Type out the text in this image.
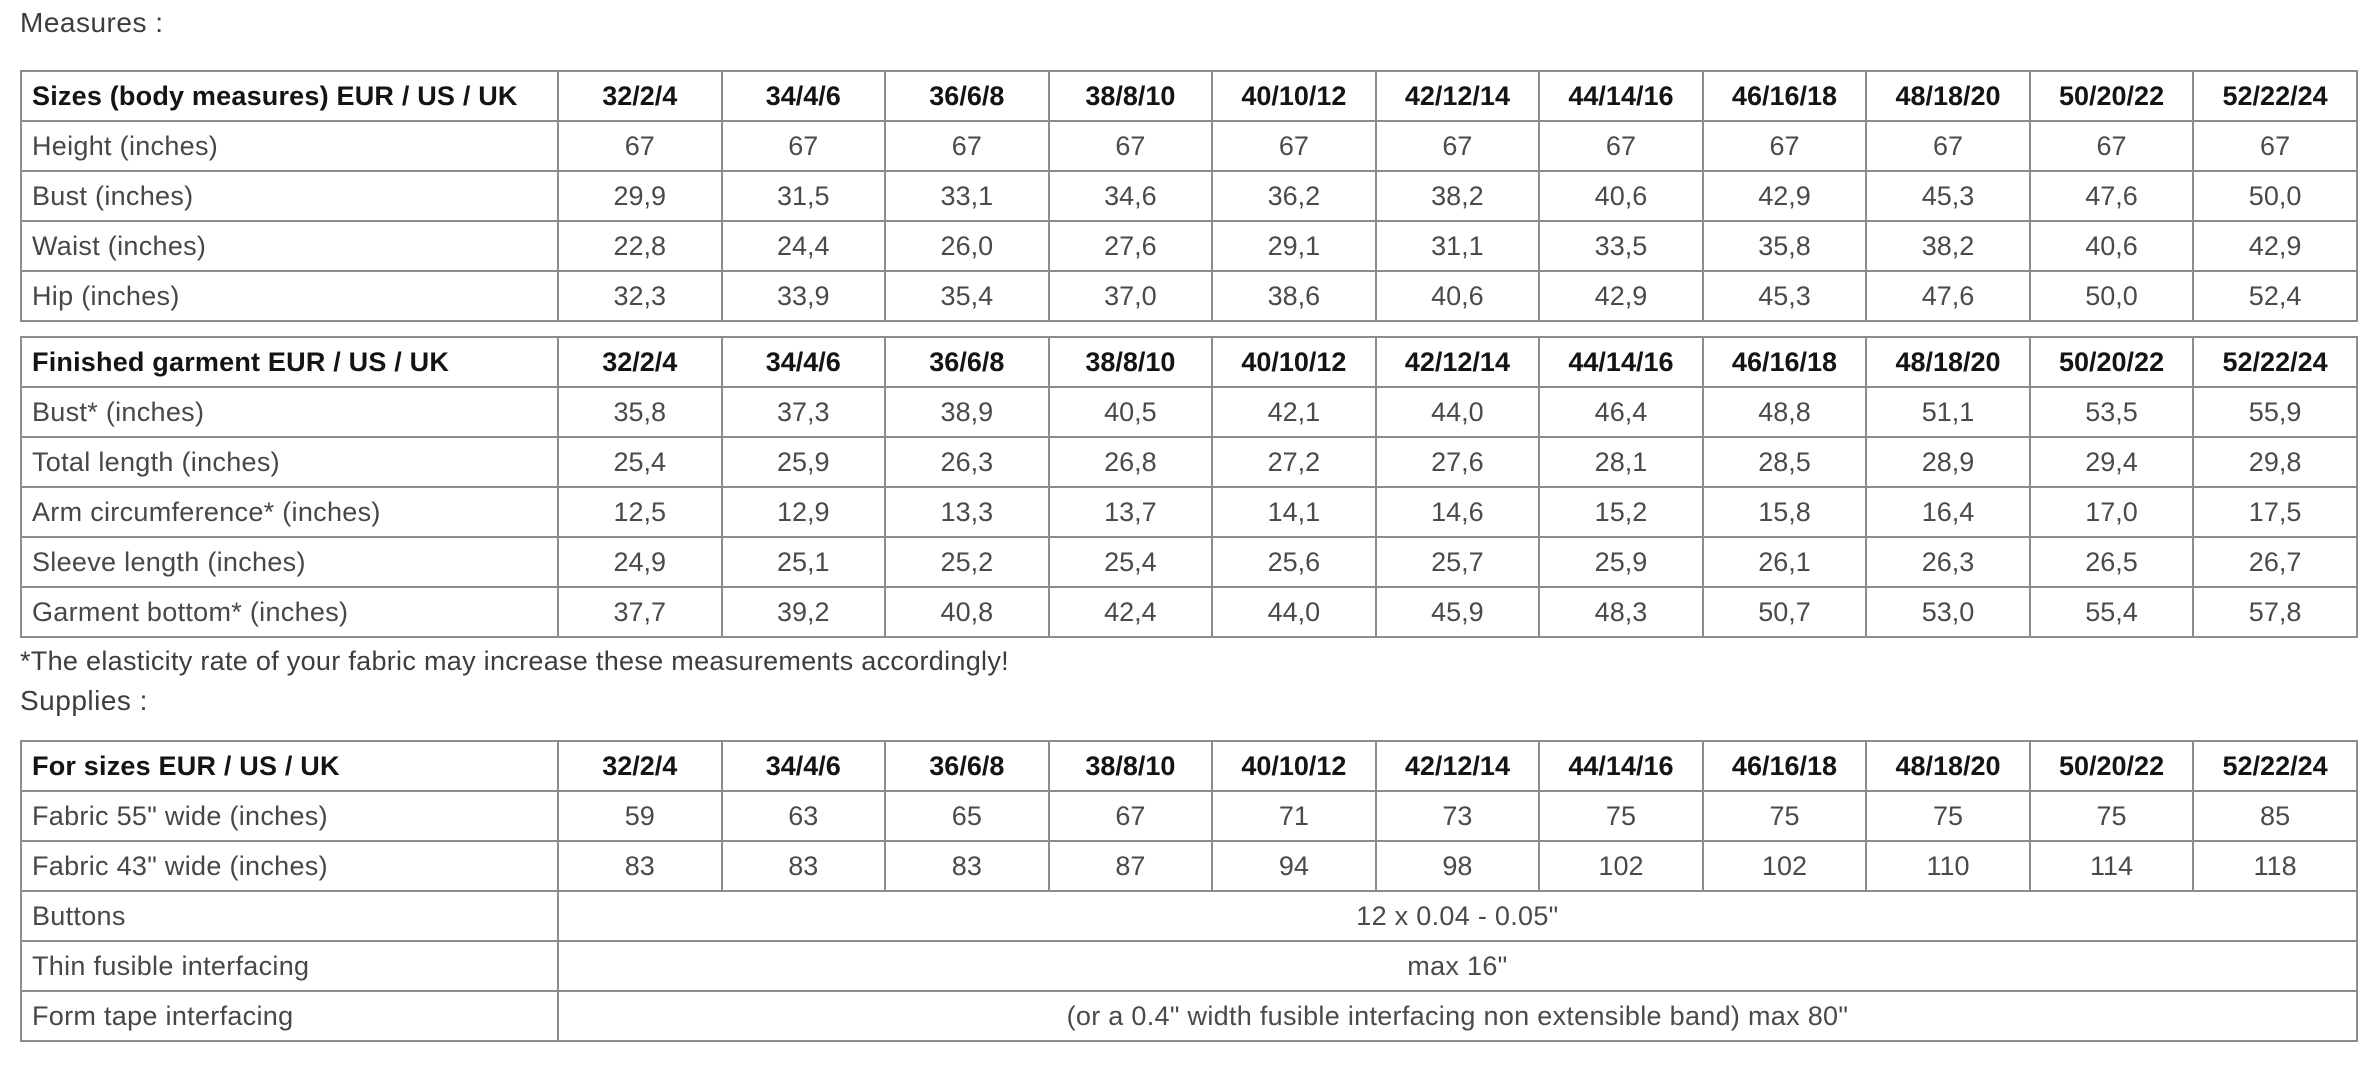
Measures :
Sizes (body measures) EUR / US / UK	32/2/4	34/4/6	36/6/8	38/8/10	40/10/12	42/12/14	44/14/16	46/16/18	48/18/20	50/20/22	52/22/24
Height (inches)	67	67	67	67	67	67	67	67	67	67	67
Bust (inches)	29,9	31,5	33,1	34,6	36,2	38,2	40,6	42,9	45,3	47,6	50,0
Waist (inches)	22,8	24,4	26,0	27,6	29,1	31,1	33,5	35,8	38,2	40,6	42,9
Hip (inches)	32,3	33,9	35,4	37,0	38,6	40,6	42,9	45,3	47,6	50,0	52,4
Finished garment EUR / US / UK	32/2/4	34/4/6	36/6/8	38/8/10	40/10/12	42/12/14	44/14/16	46/16/18	48/18/20	50/20/22	52/22/24
Bust* (inches)	35,8	37,3	38,9	40,5	42,1	44,0	46,4	48,8	51,1	53,5	55,9
Total length (inches)	25,4	25,9	26,3	26,8	27,2	27,6	28,1	28,5	28,9	29,4	29,8
Arm circumference* (inches)	12,5	12,9	13,3	13,7	14,1	14,6	15,2	15,8	16,4	17,0	17,5
Sleeve length (inches)	24,9	25,1	25,2	25,4	25,6	25,7	25,9	26,1	26,3	26,5	26,7
Garment bottom* (inches)	37,7	39,2	40,8	42,4	44,0	45,9	48,3	50,7	53,0	55,4	57,8
*The elasticity rate of your fabric may increase these measurements accordingly!
Supplies :
For sizes EUR / US / UK	32/2/4	34/4/6	36/6/8	38/8/10	40/10/12	42/12/14	44/14/16	46/16/18	48/18/20	50/20/22	52/22/24
Fabric 55" wide (inches)	59	63	65	67	71	73	75	75	75	75	85
Fabric 43" wide (inches)	83	83	83	87	94	98	102	102	110	114	118
Buttons	12 x 0.04 - 0.05"										
Thin fusible interfacing	max 16"										
Form tape interfacing	(or a 0.4" width fusible interfacing non extensible band) max 80"										
